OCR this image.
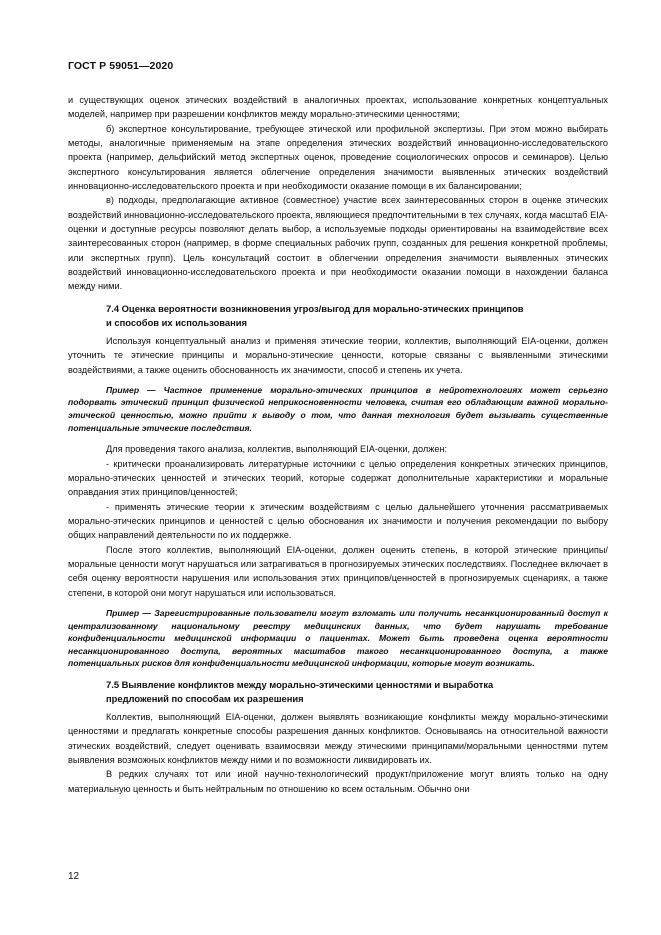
ГОСТ Р 59051—2020

и существующих оценок этических воздействий в аналогичных проектах, использование конкретных концептуальных моделей, например при разрешении конфликтов между морально-этическими ценностями;

б) экспертное консультирование, требующее этической или профильной экспертизы. При этом можно выбирать методы, аналогичные применяемым на этапе определения этических воздействий инновационно-исследовательского проекта (например, дельфийский метод экспертных оценок, проведение социологических опросов и семинаров). Целью экспертного консультирования является облегчение определения значимости выявленных этических воздействий инновационно-исследовательского проекта и при необходимости оказание помощи в их балансировании;

в) подходы, предполагающие активное (совместное) участие всех заинтересованных сторон в оценке этических воздействий инновационно-исследовательского проекта, являющиеся предпочтительными в тех случаях, когда масштаб EIA-оценки и доступные ресурсы позволяют делать выбор, а используемые подходы ориентированы на взаимодействие всех заинтересованных сторон (например, в форме специальных рабочих групп, созданных для решения конкретной проблемы, или экспертных групп). Цель консультаций состоит в облегчении определения значимости выявленных этических воздействий инновационно-исследовательского проекта и при необходимости оказании помощи в нахождении баланса между ними.

7.4 Оценка вероятности возникновения угроз/выгод для морально-этических принципов
и способов их использования

Используя концептуальный анализ и применяя этические теории, коллектив, выполняющий EIA-оценки, должен уточнить те этические принципы и морально-этические ценности, которые связаны с выявленными этическими воздействиями, а также оценить обоснованность их значимости, способ и степень их учета.

Пример — Частное применение морально-этических принципов в нейротехнологиях может серьезно подорвать этический принцип физической неприкосновенности человека, считая его обладающим важной морально-этической ценностью, можно прийти к выводу о том, что данная технология будет вызывать существенные потенциальные этические последствия.

Для проведения такого анализа, коллектив, выполняющий EIA-оценки, должен:

- критически проанализировать литературные источники с целью определения конкретных этических принципов, морально-этических ценностей и этических теорий, которые содержат дополнительные характеристики и моральные оправдания этих принципов/ценностей;

- применять этические теории к этическим воздействиям с целью дальнейшего уточнения рассматриваемых морально-этических принципов и ценностей с целью обоснования их значимости и получения рекомендации по выбору общих направлений деятельности по их поддержке.

После этого коллектив, выполняющий EIA-оценки, должен оценить степень, в которой этические принципы/моральные ценности могут нарушаться или затрагиваться в прогнозируемых этических последствиях. Последнее включает в себя оценку вероятности нарушения или использования этих принципов/ценностей в прогнозируемых сценариях, а также степени, в которой они могут нарушаться или использоваться.

Пример — Зарегистрированные пользователи могут взломать или получить несанкционированный доступ к централизованному национальному реестру медицинских данных, что будет нарушать требование конфиденциальности медицинской информации о пациентах. Может быть проведена оценка вероятности несанкционированного доступа, вероятных масштабов такого несанкционированного доступа, а также потенциальных рисков для конфиденциальности медицинской информации, которые могут возникать.

7.5 Выявление конфликтов между морально-этическими ценностями и выработка
предложений по способам их разрешения

Коллектив, выполняющий EIA-оценки, должен выявлять возникающие конфликты между морально-этическими ценностями и предлагать конкретные способы разрешения данных конфликтов. Основываясь на относительной важности этических воздействий, следует оценивать взаимосвязи между этическими принципами/моральными ценностями путем выявления возможных конфликтов между ними и по возможности ликвидировать их.

В редких случаях тот или иной научно-технологический продукт/приложение могут влиять только на одну материальную ценность и быть нейтральным по отношению ко всем остальным. Обычно они

12
